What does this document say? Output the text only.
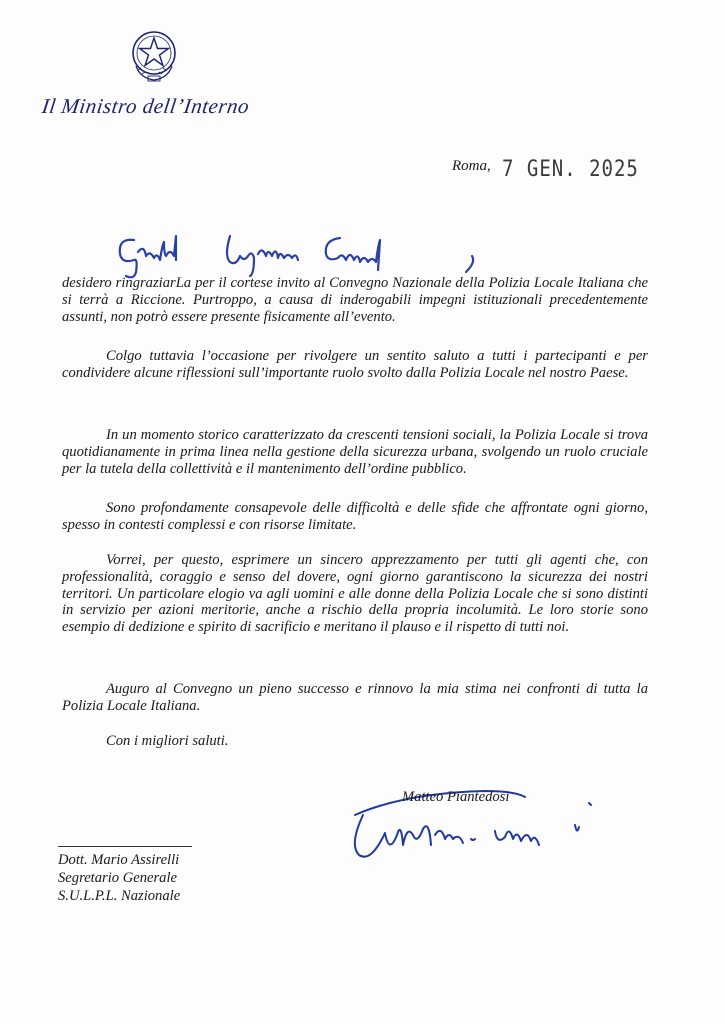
Il Ministro dell’Interno
Roma, 7 GEN. 2025

desidero ringraziarLa per il cortese invito al Convegno Nazionale della Polizia Locale Italiana che si terrà a Riccione. Purtroppo, a causa di inderogabili impegni istituzionali precedentemente assunti, non potrò essere presente fisicamente all’evento.

Colgo tuttavia l’occasione per rivolgere un sentito saluto a tutti i partecipanti e per condividere alcune riflessioni sull’importante ruolo svolto dalla Polizia Locale nel nostro Paese.

In un momento storico caratterizzato da crescenti tensioni sociali, la Polizia Locale si trova quotidianamente in prima linea nella gestione della sicurezza urbana, svolgendo un ruolo cruciale per la tutela della collettività e il mantenimento dell’ordine pubblico.

Sono profondamente consapevole delle difficoltà e delle sfide che affrontate ogni giorno, spesso in contesti complessi e con risorse limitate.

Vorrei, per questo, esprimere un sincero apprezzamento per tutti gli agenti che, con professionalità, coraggio e senso del dovere, ogni giorno garantiscono la sicurezza dei nostri territori. Un particolare elogio va agli uomini e alle donne della Polizia Locale che si sono distinti in servizio per azioni meritorie, anche a rischio della propria incolumità. Le loro storie sono esempio di dedizione e spirito di sacrificio e meritano il plauso e il rispetto di tutti noi.

Auguro al Convegno un pieno successo e rinnovo la mia stima nei confronti di tutta la Polizia Locale Italiana.

Con i migliori saluti.

Matteo Piantedosi
Dott. Mario Assirelli
Segretario Generale
S.U.L.P.L. Nazionale
